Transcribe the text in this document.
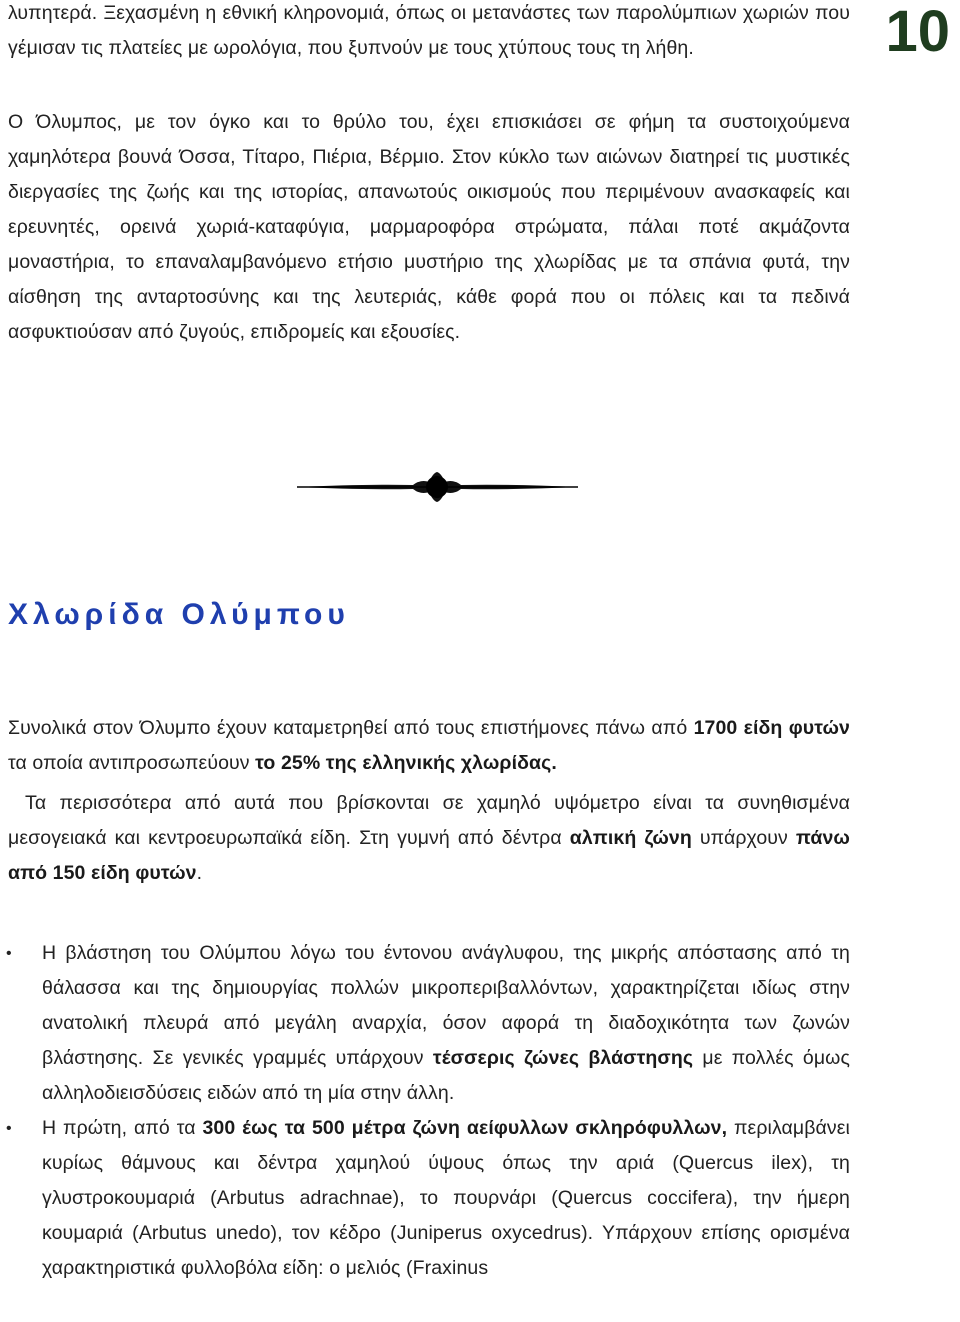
10

λυπητερά. Ξεχασμένη η εθνική κληρονομιά, όπως οι μετανάστες των παρολύμπιων χωριών που γέμισαν τις πλατείες με ωρολόγια, που ξυπνούν με τους χτύπους τους τη λήθη.

Ο Όλυμπος, με τον όγκο και το θρύλο του, έχει επισκιάσει σε φήμη τα συστοιχούμενα χαμηλότερα βουνά Όσσα, Τίταρο, Πιέρια, Βέρμιο. Στον κύκλο των αιώνων διατηρεί τις μυστικές διεργασίες της ζωής και της ιστορίας, απανωτούς οικισμούς που περιμένουν ανασκαφείς και ερευνητές, ορεινά χωριά-καταφύγια, μαρμαροφόρα στρώματα, πάλαι ποτέ ακμάζοντα μοναστήρια, το επαναλαμβανόμενο ετήσιο μυστήριο της χλωρίδας με τα σπάνια φυτά, την αίσθηση της ανταρτοσύνης και της λευτεριάς, κάθε φορά που οι πόλεις και τα πεδινά ασφυκτιούσαν από ζυγούς, επιδρομείς και εξουσίες.

Χλωρίδα Ολύμπου

Συνολικά στον Όλυμπο έχουν καταμετρηθεί από τους επιστήμονες πάνω από 1700 είδη φυτών τα οποία αντιπροσωπεύουν το 25% της ελληνικής χλωρίδας.

Τα περισσότερα από αυτά που βρίσκονται σε χαμηλό υψόμετρο είναι τα συνηθισμένα μεσογειακά και κεντροευρωπαϊκά είδη. Στη γυμνή από δέντρα αλπική ζώνη υπάρχουν πάνω από 150 είδη φυτών.

• Η βλάστηση του Ολύμπου λόγω του έντονου ανάγλυφου, της μικρής απόστασης από τη θάλασσα και της δημιουργίας πολλών μικροπεριβαλλόντων, χαρακτηρίζεται ιδίως στην ανατολική πλευρά από μεγάλη αναρχία, όσον αφορά τη διαδοχικότητα των ζωνών βλάστησης. Σε γενικές γραμμές υπάρχουν τέσσερις ζώνες βλάστησης με πολλές όμως αλληλοδιεισδύσεις ειδών από τη μία στην άλλη.
• Η πρώτη, από τα 300 έως τα 500 μέτρα ζώνη αείφυλλων σκληρόφυλλων, περιλαμβάνει κυρίως θάμνους και δέντρα χαμηλού ύψους όπως την αριά (Quercus ilex), τη γλυστροκουμαριά (Arbutus adrachnae), το πουρνάρι (Quercus coccifera), την ήμερη κουμαριά (Arbutus unedo), τον κέδρο (Juniperus oxycedrus). Υπάρχουν επίσης ορισμένα χαρακτηριστικά φυλλοβόλα είδη: ο μελιός (Fraxinus
